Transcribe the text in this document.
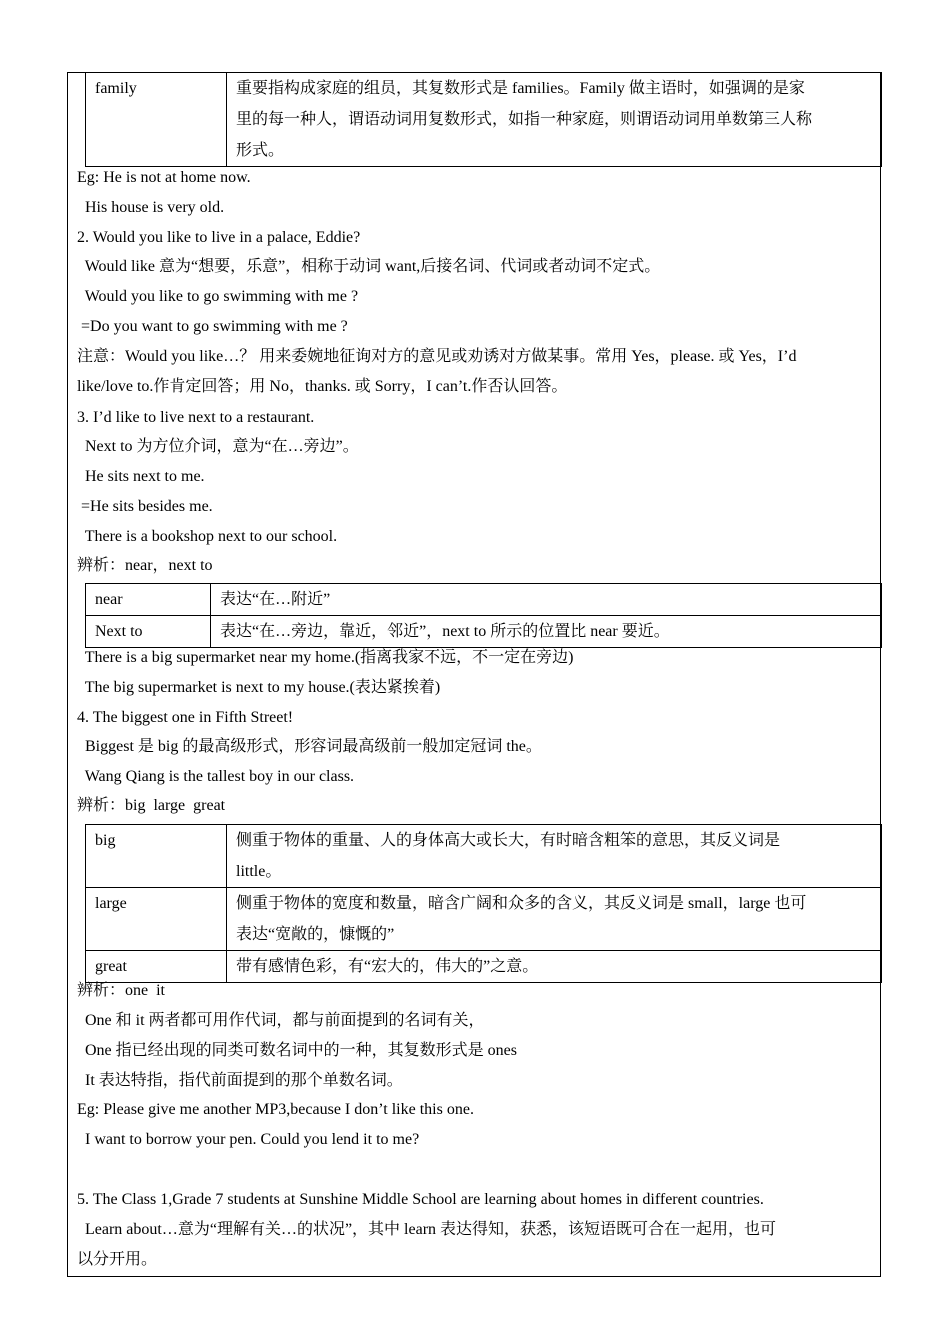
family	重要指构成家庭的组员，其复数形式是 families。Family 做主语时，如强调的是家
里的每一种人，谓语动词用复数形式，如指一种家庭，则谓语动词用单数第三人称
形式。
Eg: He is not at home now.
His house is very old.
2. Would you like to live in a palace, Eddie?
Would like 意为“想要，乐意”，相称于动词 want,后接名词、代词或者动词不定式。
Would you like to go swimming with me ?
=Do you want to go swimming with me ?
注意：Would you like…？ 用来委婉地征询对方的意见或劝诱对方做某事。常用 Yes，please. 或 Yes，I’d
like/love to.作肯定回答；用 No，thanks. 或 Sorry，I can’t.作否认回答。
3. I’d like to live next to a restaurant.
Next to 为方位介词，意为“在…旁边”。
He sits next to me.
=He sits besides me.
There is a bookshop next to our school.
辨析：near，next to
near	表达“在…附近”
Next to	表达“在…旁边，靠近，邻近”，next to 所示的位置比 near 要近。
There is a big supermarket near my home.(指离我家不远，不一定在旁边)
The big supermarket is next to my house.(表达紧挨着)
4. The biggest one in Fifth Street!
Biggest 是 big 的最高级形式，形容词最高级前一般加定冠词 the。
Wang Qiang is the tallest boy in our class.
辨析：big  large  great
big	侧重于物体的重量、人的身体高大或长大，有时暗含粗笨的意思，其反义词是
little。

large	侧重于物体的宽度和数量，暗含广阔和众多的含义，其反义词是 small，large 也可
表达“宽敞的，慷慨的”

great	带有感情色彩，有“宏大的，伟大的”之意。
辨析：one  it
One 和 it 两者都可用作代词，都与前面提到的名词有关，
One 指已经出现的同类可数名词中的一种，其复数形式是 ones
It 表达特指，指代前面提到的那个单数名词。
Eg: Please give me another MP3,because I don’t like this one.
I want to borrow your pen. Could you lend it to me?
5. The Class 1,Grade 7 students at Sunshine Middle School are learning about homes in different countries.
Learn about…意为“理解有关…的状况”，其中 learn 表达得知，获悉，该短语既可合在一起用，也可
以分开用。
